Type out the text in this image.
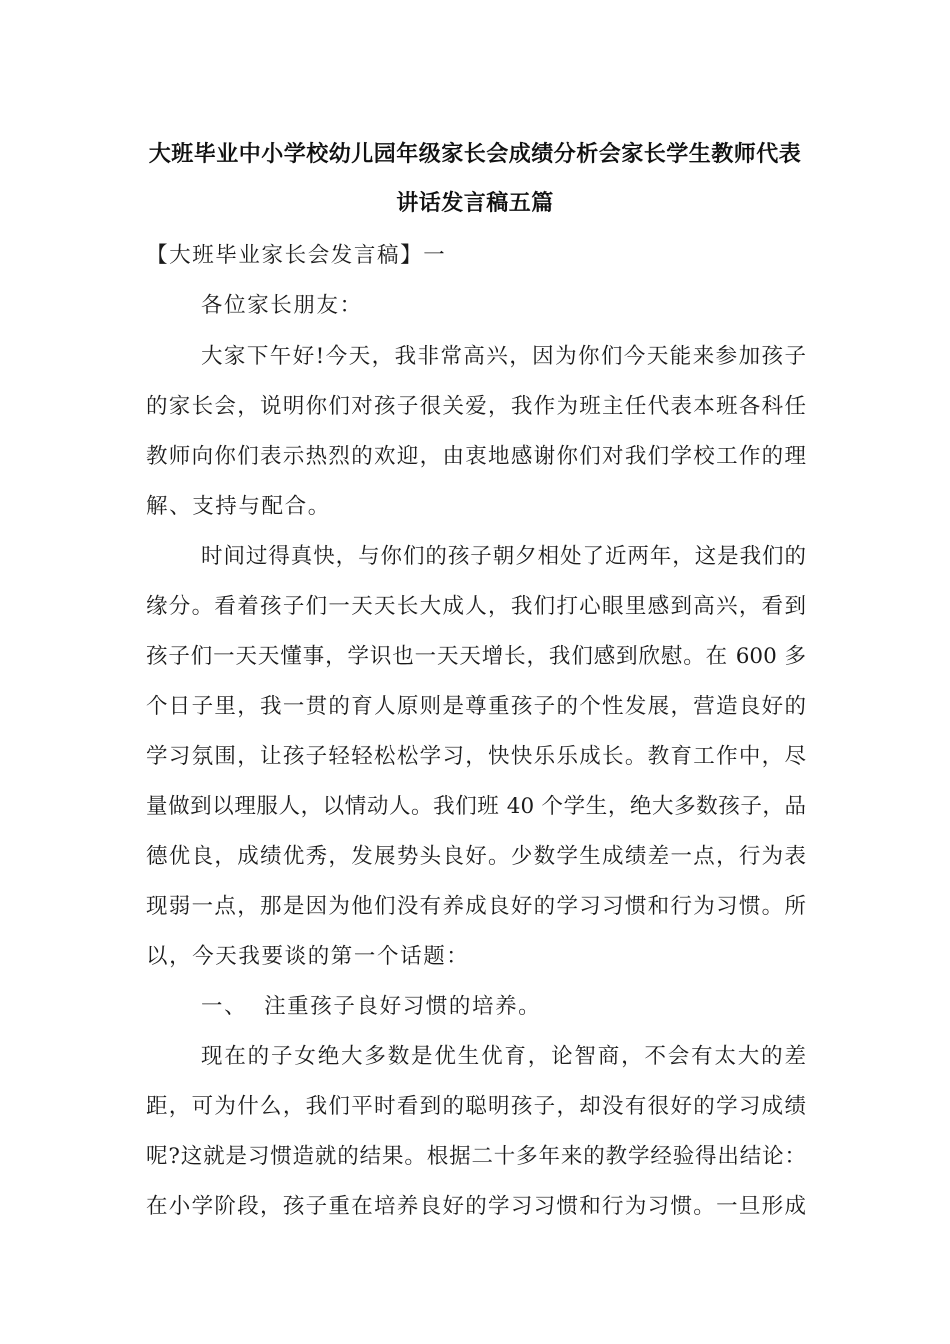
大班毕业中小学校幼儿园年级家长会成绩分析会家长学生教师代表
讲话发言稿五篇
【大班毕业家长会发言稿】一
各位家长朋友：
大家下午好!今天，我非常高兴，因为你们今天能来参加孩子
的家长会，说明你们对孩子很关爱，我作为班主任代表本班各科任
教师向你们表示热烈的欢迎，由衷地感谢你们对我们学校工作的理
解、支持与配合。
时间过得真快，与你们的孩子朝夕相处了近两年，这是我们的
缘分。看着孩子们一天天长大成人，我们打心眼里感到高兴，看到
孩子们一天天懂事，学识也一天天增长，我们感到欣慰。在 600 多
个日子里，我一贯的育人原则是尊重孩子的个性发展，营造良好的
学习氛围，让孩子轻轻松松学习，快快乐乐成长。教育工作中，尽
量做到以理服人，以情动人。我们班 40 个学生，绝大多数孩子，品
德优良，成绩优秀，发展势头良好。少数学生成绩差一点，行为表
现弱一点，那是因为他们没有养成良好的学习习惯和行为习惯。所
以，今天我要谈的第一个话题：
一、  注重孩子良好习惯的培养。
现在的子女绝大多数是优生优育，论智商，不会有太大的差
距，可为什么，我们平时看到的聪明孩子，却没有很好的学习成绩
呢?这就是习惯造就的结果。根据二十多年来的教学经验得出结论：
在小学阶段，孩子重在培养良好的学习习惯和行为习惯。一旦形成
